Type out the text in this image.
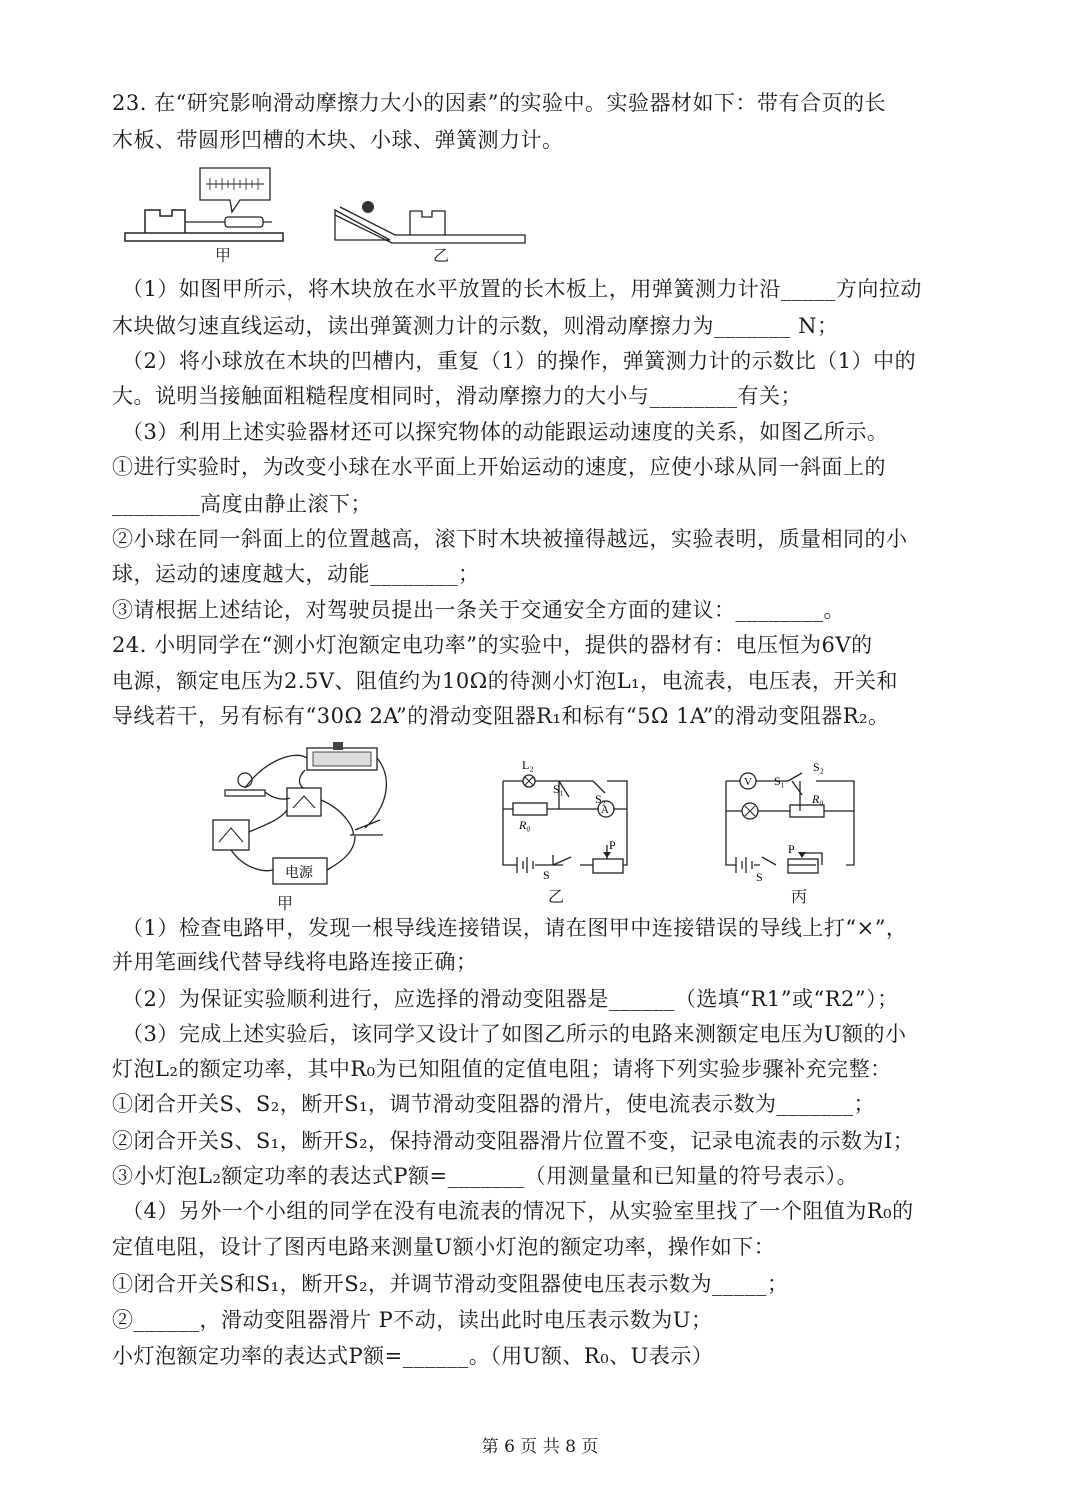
23. 在“研究影响滑动摩擦力大小的因素”的实验中。实验器材如下：带有合页的长
木板、带圆形凹槽的木块、小球、弹簧测力计。
甲	乙
（1）如图甲所示，将木块放在水平放置的长木板上，用弹簧测力计沿_____方向拉动
木块做匀速直线运动，读出弹簧测力计的示数，则滑动摩擦力为_______ N；
（2）将小球放在木块的凹槽内，重复（1）的操作，弹簧测力计的示数比（1）中的
大。说明当接触面粗糙程度相同时，滑动摩擦力的大小与________有关；
（3）利用上述实验器材还可以探究物体的动能跟运动速度的关系，如图乙所示。
①进行实验时，为改变小球在水平面上开始运动的速度，应使小球从同一斜面上的
________高度由静止滚下；
②小球在同一斜面上的位置越高，滚下时木块被撞得越远，实验表明，质量相同的小
球，运动的速度越大，动能________；
③请根据上述结论，对驾驶员提出一条关于交通安全方面的建议：________。
24. 小明同学在“测小灯泡额定电功率”的实验中，提供的器材有：电压恒为6V的
电源，额定电压为2.5V、阻值约为10Ω的待测小灯泡L₁，电流表，电压表，开关和
导线若干，另有标有“30Ω 2A”的滑动变阻器R₁和标有“5Ω 1A”的滑动变阻器R₂。
电源
甲
L₂
S₁
S₂
R₀
A
P
S
乙
V
S₂
S₁
R₀
P
S
丙
（1）检查电路甲，发现一根导线连接错误，请在图甲中连接错误的导线上打“×”，
并用笔画线代替导线将电路连接正确；
（2）为保证实验顺利进行，应选择的滑动变阻器是______（选填“R1”或“R2”）；
（3）完成上述实验后，该同学又设计了如图乙所示的电路来测额定电压为U额的小
灯泡L₂的额定功率，其中R₀为已知阻值的定值电阻；请将下列实验步骤补充完整：
①闭合开关S、S₂，断开S₁，调节滑动变阻器的滑片，使电流表示数为_______；
②闭合开关S、S₁，断开S₂，保持滑动变阻器滑片位置不变，记录电流表的示数为I；
③小灯泡L₂额定功率的表达式P额=_______（用测量量和已知量的符号表示）。
（4）另外一个小组的同学在没有电流表的情况下，从实验室里找了一个阻值为R₀的
定值电阻，设计了图丙电路来测量U额小灯泡的额定功率，操作如下：
①闭合开关S和S₁，断开S₂，并调节滑动变阻器使电压表示数为_____；
②______，滑动变阻器滑片 P不动，读出此时电压表示数为U；
小灯泡额定功率的表达式P额=______。（用U额、R₀、U表示）
第 6 页 共 8 页
